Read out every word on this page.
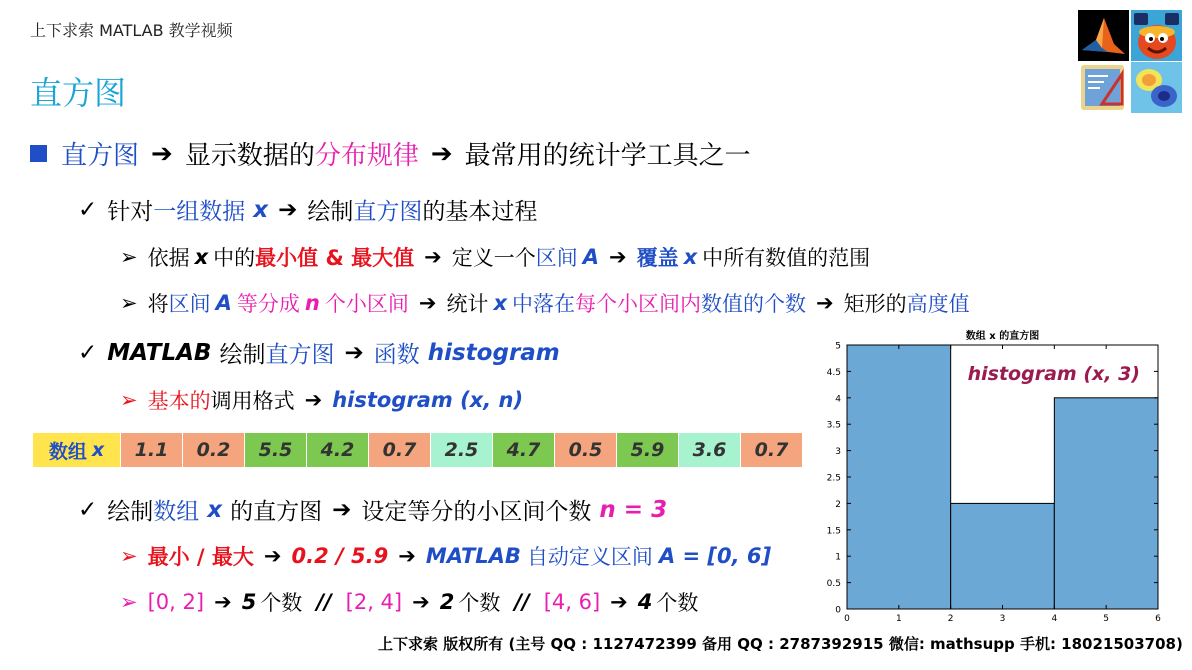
上下求索 MATLAB 教学视频
直方图
直方图 ➔ 显示数据的 分布规律 ➔ 最常用的统计学工具之一
✓ 针对 一组数据 x ➔ 绘制 直方图 的基本过程
➢ 依据 x 中的 最小值 & 最大值 ➔ 定义一个 区间 A ➔ 覆盖 x 中所有数值的范围
➢ 将 区间 A 等分成 n 个小区间 ➔ 统计 x 中落在 每个小区间内 数值的个数 ➔ 矩形的 高度值
✓ MATLAB 绘制 直方图 ➔ 函数 histogram
➢ 基本的 调用格式 ➔ histogram (x, n)
数组 x	1.1	0.2	5.5	4.2	0.7	2.5	4.7	0.5	5.9	3.6	0.7
✓ 绘制 数组 x 的直方图 ➔ 设定等分的小区间个数 n = 3
➢ 最小 / 最大 ➔ 0.2 / 5.9 ➔ MATLAB 自动定义区间 A = [0, 6]
➢ [0, 2] ➔ 5 个数 // [2, 4] ➔ 2 个数 // [4, 6] ➔ 4 个数
数组 x 的直方图
0
0.5
1
1.5
2
2.5
3
3.5
4
4.5
5
0	1	2	3	4	5	6
histogram (x, 3)
上下求索 版权所有 (主号 QQ : 1127472399 备用 QQ : 2787392915 微信: mathsupp 手机: 18021503708)
